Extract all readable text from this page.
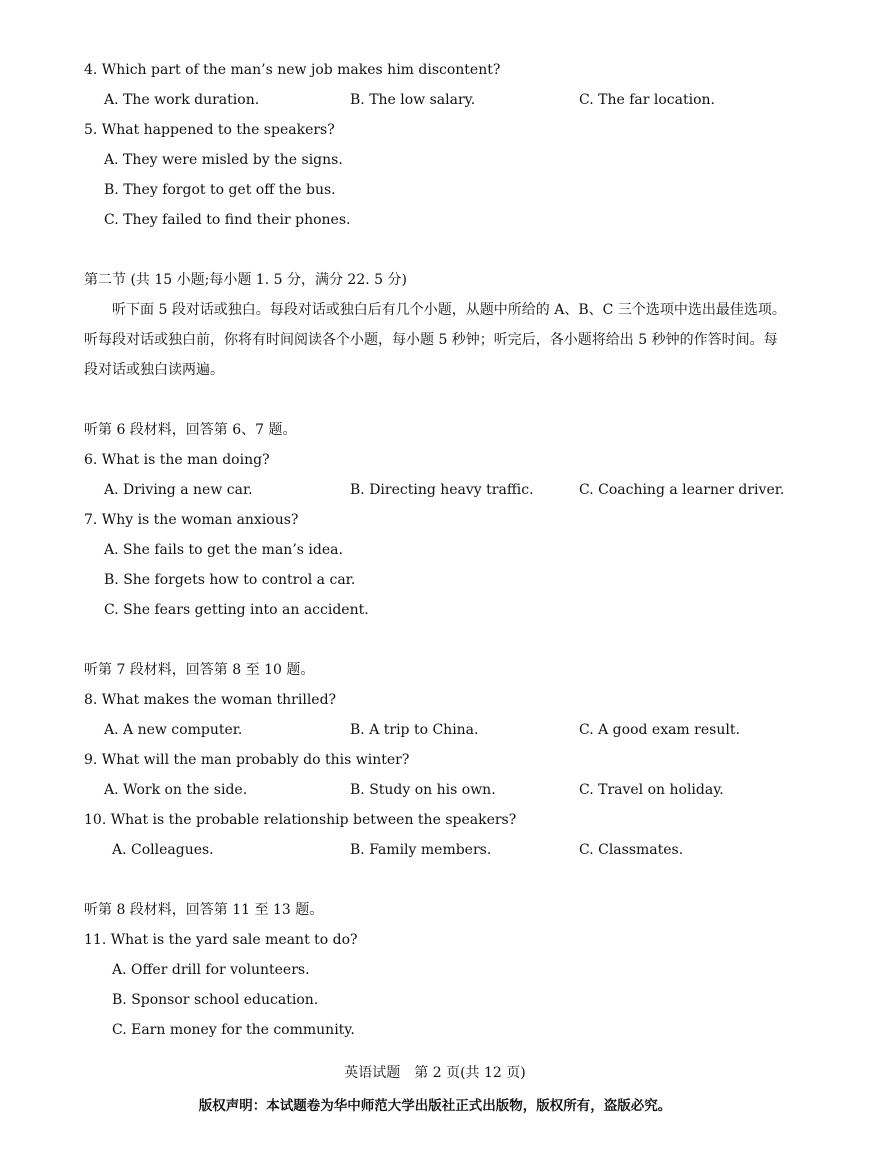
4. Which part of the man’s new job makes him discontent?
A. The work duration.	B. The low salary.	C. The far location.
5. What happened to the speakers?
A. They were misled by the signs.
B. They forgot to get off the bus.
C. They failed to find their phones.
第二节 (共 15 小题;每小题 1. 5 分，满分 22. 5 分)
听下面 5 段对话或独白。每段对话或独白后有几个小题，从题中所给的 A、B、C 三个选项中选出最佳选项。听每段对话或独白前，你将有时间阅读各个小题，每小题 5 秒钟；听完后，各小题将给出 5 秒钟的作答时间。每段对话或独白读两遍。
听第 6 段材料，回答第 6、7 题。
6. What is the man doing?
A. Driving a new car.	B. Directing heavy traffic.	C. Coaching a learner driver.
7. Why is the woman anxious?
A. She fails to get the man’s idea.
B. She forgets how to control a car.
C. She fears getting into an accident.
听第 7 段材料，回答第 8 至 10 题。
8. What makes the woman thrilled?
A. A new computer.	B. A trip to China.	C. A good exam result.
9. What will the man probably do this winter?
A. Work on the side.	B. Study on his own.	C. Travel on holiday.
10. What is the probable relationship between the speakers?
A. Colleagues.	B. Family members.	C. Classmates.
听第 8 段材料，回答第 11 至 13 题。
11. What is the yard sale meant to do?
A. Offer drill for volunteers.
B. Sponsor school education.
C. Earn money for the community.
英语试题　第 2 页(共 12 页)
版权声明：本试题卷为华中师范大学出版社正式出版物，版权所有，盗版必究。
